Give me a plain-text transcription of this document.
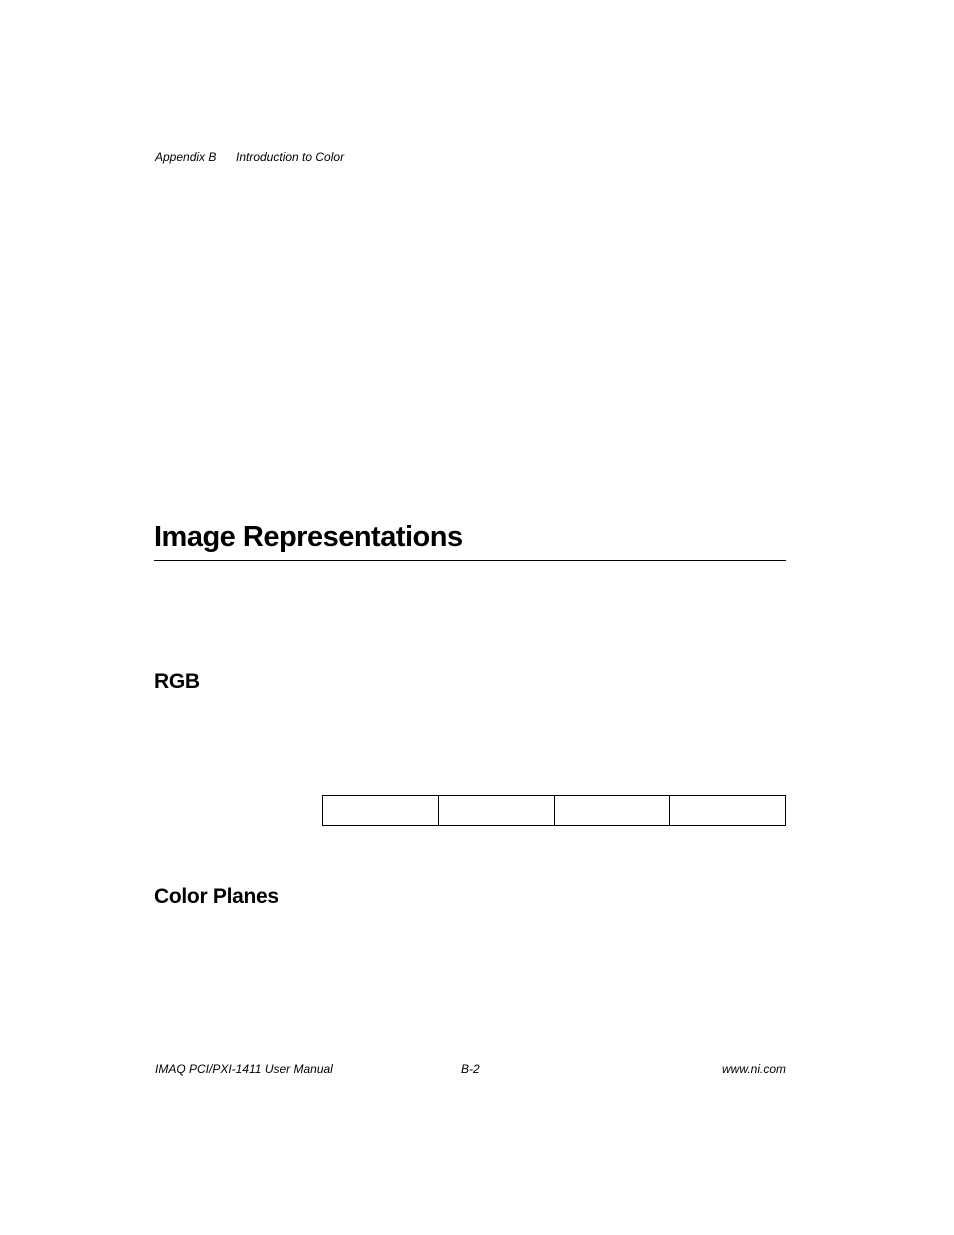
Appendix B Introduction to Color
Image Representations
RGB

Color Planes
IMAQ PCI/PXI-1411 User Manual	B-2	www.ni.com
